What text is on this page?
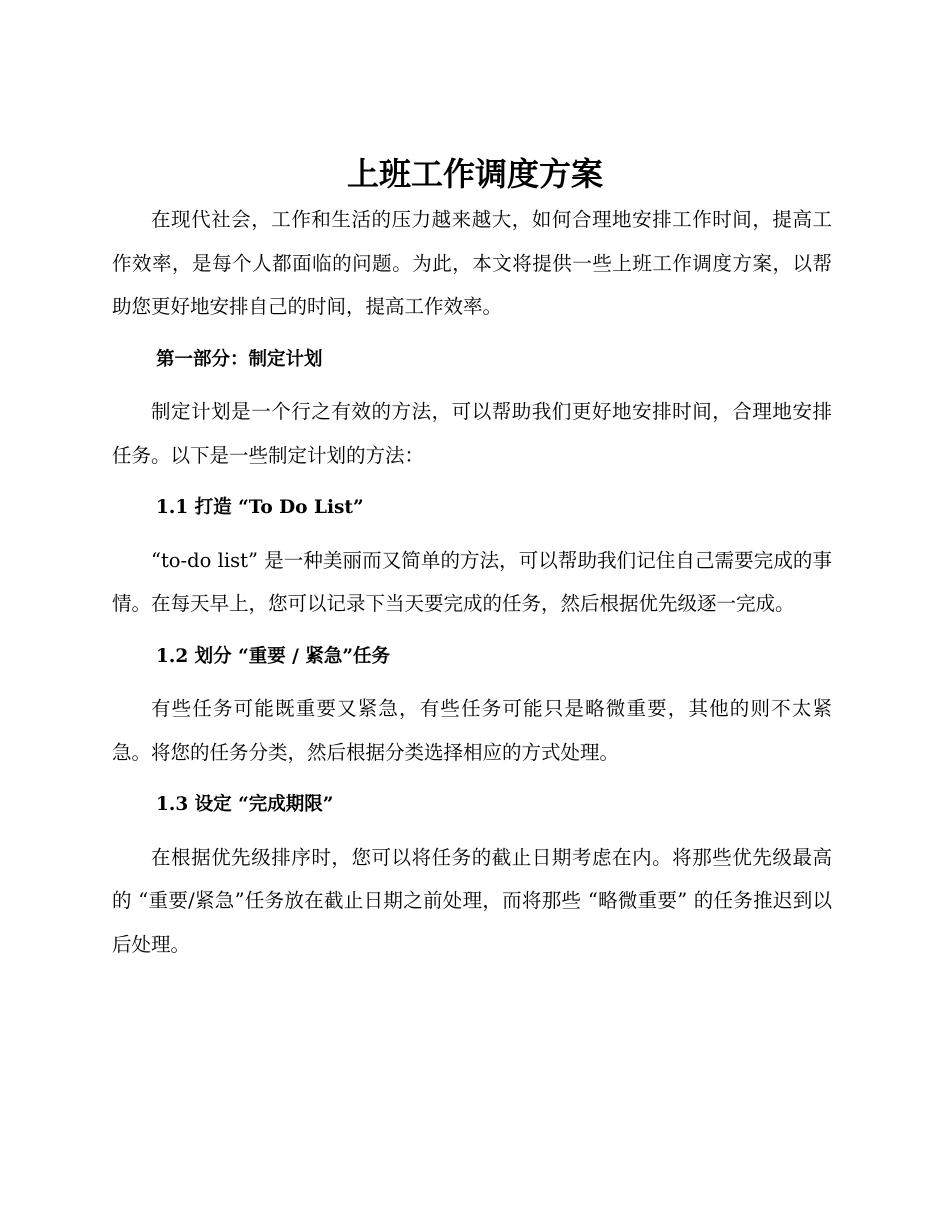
上班工作调度方案

在现代社会，工作和生活的压力越来越大，如何合理地安排工作时间，提高工作效率，是每个人都面临的问题。为此，本文将提供一些上班工作调度方案，以帮助您更好地安排自己的时间，提高工作效率。

第一部分：制定计划

制定计划是一个行之有效的方法，可以帮助我们更好地安排时间，合理地安排任务。以下是一些制定计划的方法：

1.1 打造 “To Do List”

“to-do list” 是一种美丽而又简单的方法，可以帮助我们记住自己需要完成的事情。在每天早上，您可以记录下当天要完成的任务，然后根据优先级逐一完成。

1.2 划分 “重要 / 紧急”任务

有些任务可能既重要又紧急，有些任务可能只是略微重要，其他的则不太紧急。将您的任务分类，然后根据分类选择相应的方式处理。

1.3 设定 “完成期限”

在根据优先级排序时，您可以将任务的截止日期考虑在内。将那些优先级最高的 “重要/紧急”任务放在截止日期之前处理，而将那些 “略微重要” 的任务推迟到以后处理。
